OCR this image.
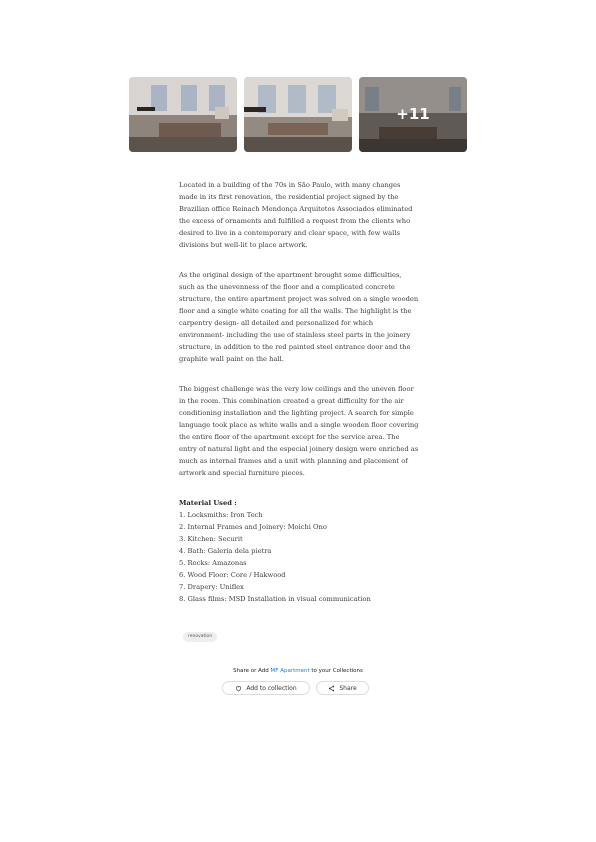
+11

Located in a building of the 70s in São Paulo, with many changes made in its first renovation, the residential project signed by the Brazilian office Reinach Mendonça Arquitetos Associados eliminated the excess of ornaments and fulfilled a request from the clients who desired to live in a contemporary and clear space, with few walls divisions but well-lit to place artwork.

As the original design of the apartment brought some difficulties, such as the unevenness of the floor and a complicated concrete structure, the entire apartment project was solved on a single wooden floor and a single white coating for all the walls. The highlight is the carpentry design- all detailed and personalized for which environment- including the use of stainless steel parts in the joinery structure, in addition to the red painted steel entrance door and the graphite wall paint on the hall.

The biggest challenge was the very low ceilings and the uneven floor in the room. This combination created a great difficulty for the air conditioning installation and the lighting project. A search for simple language took place as white walls and a single wooden floor covering the entire floor of the apartment except for the service area. The entry of natural light and the especial joinery design were enriched as much as internal frames and a unit with planning and placement of artwork and special furniture pieces.

Material Used :
1. Locksmiths: Iron Tech
2. Internal Frames and Joinery: Moichi Ono
3. Kitchen: Securit
4. Bath: Galeria dela pietra
5. Rocks: Amazonas
6. Wood Floor: Core / Hakwood
7. Drapery: Uniflex
8. Glass films: MSD Installation in visual communication
renovation
Share or Add MF Apartment to your Collections
Add to collection	Share
